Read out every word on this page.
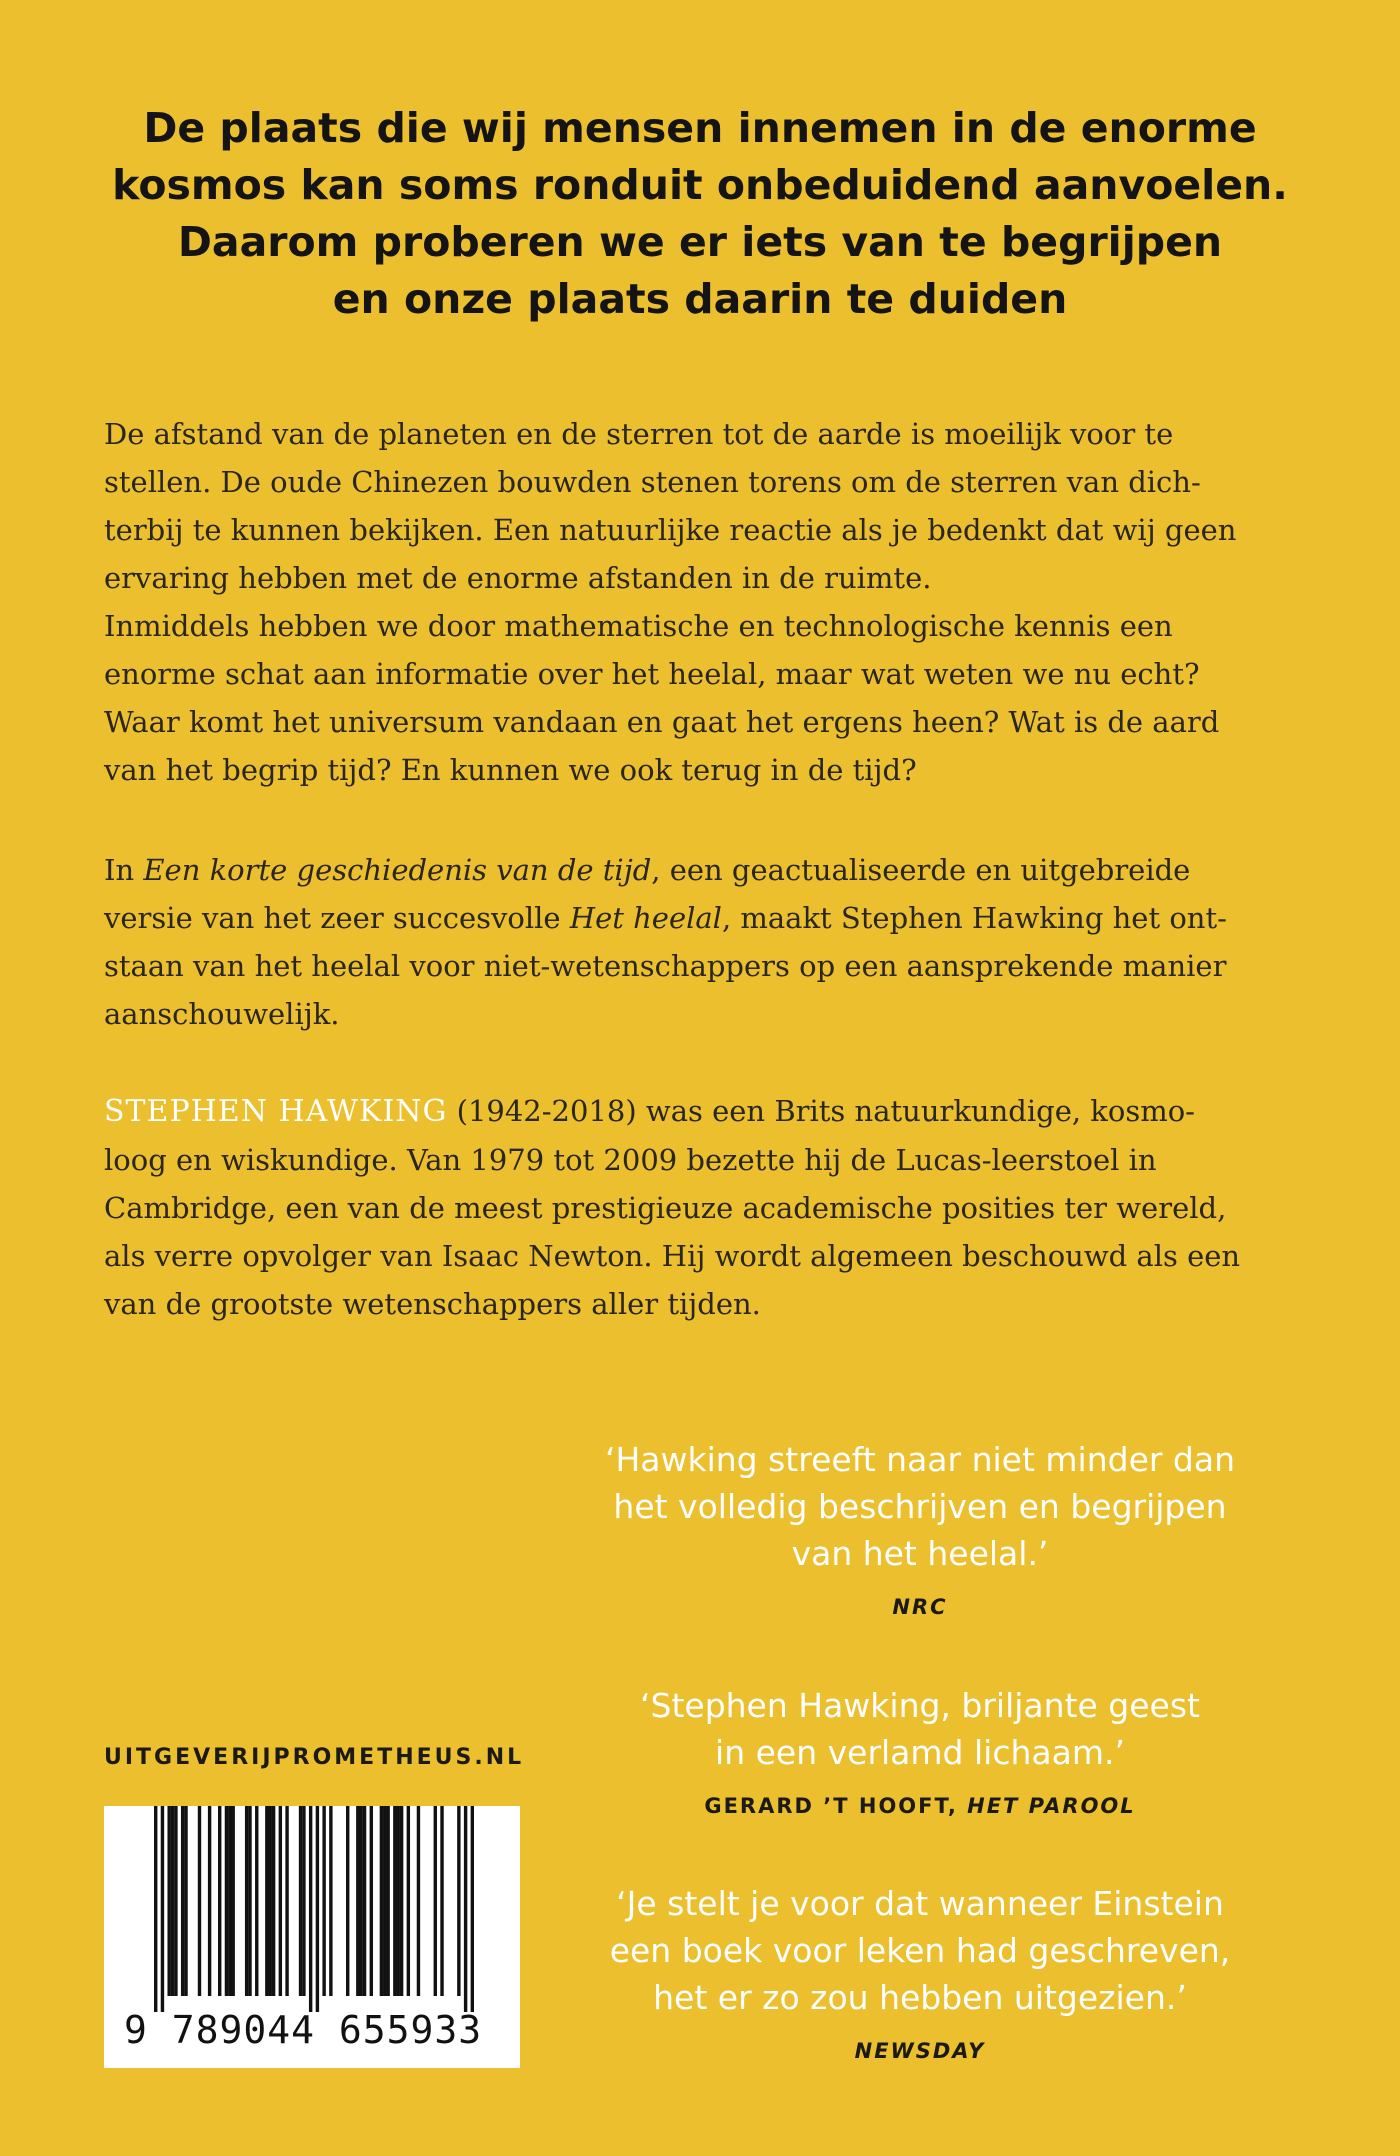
De plaats die wij mensen innemen in de enorme
kosmos kan soms ronduit onbeduidend aanvoelen.
Daarom proberen we er iets van te begrijpen
en onze plaats daarin te duiden
De afstand van de planeten en de sterren tot de aarde is moeilijk voor te
stellen. De oude Chinezen bouwden stenen torens om de sterren van dich-
terbij te kunnen bekijken. Een natuurlijke reactie als je bedenkt dat wij geen
ervaring hebben met de enorme afstanden in de ruimte.
Inmiddels hebben we door mathematische en technologische kennis een
enorme schat aan informatie over het heelal, maar wat weten we nu echt?
Waar komt het universum vandaan en gaat het ergens heen? Wat is de aard
van het begrip tijd? En kunnen we ook terug in de tijd?
In Een korte geschiedenis van de tijd, een geactualiseerde en uitgebreide
versie van het zeer succesvolle Het heelal, maakt Stephen Hawking het ont-
staan van het heelal voor niet-wetenschappers op een aansprekende manier
aanschouwelijk.
STEPHEN HAWKING (1942-2018) was een Brits natuurkundige, kosmo-
loog en wiskundige. Van 1979 tot 2009 bezette hij de Lucas-leerstoel in
Cambridge, een van de meest prestigieuze academische posities ter wereld,
als verre opvolger van Isaac Newton. Hij wordt algemeen beschouwd als een
van de grootste wetenschappers aller tijden.
‘Hawking streeft naar niet minder dan
het volledig beschrijven en begrijpen
van het heelal.’
NRC
‘Stephen Hawking, briljante geest
in een verlamd lichaam.’
GERARD ’T HOOFT, HET PAROOL
‘Je stelt je voor dat wanneer Einstein
een boek voor leken had geschreven,
het er zo zou hebben uitgezien.’
NEWSDAY
UITGEVERIJPROMETHEUS.NL
9 789044 655933
